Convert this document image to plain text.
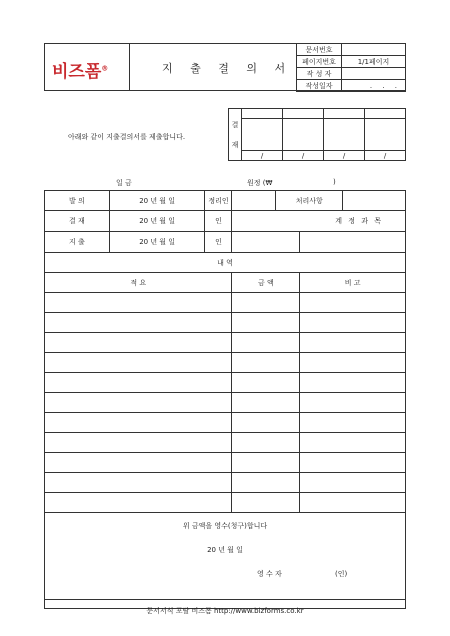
비즈폼®	지 출 결 의 서
문서번호	
페이지번호	1/1페이지
작 성 자	
작성일자	. . .
아래와 같이 지출결의서를 제출합니다.
결
재				

	/	/	/	/
일 금	원정 (₩	)
발 의	20 년 월 일	정리인		처리사항		
결 재	20 년 월 일	인	계 정 과 목			
지 출	20 년 월 일	인				
내 역						
적 요			금 액		비 고	

위 금액을 영수(청구)합니다
20 년 월 일
영 수 자 (인)						
문서서식 포탈 비즈폼 http://www.bizforms.co.kr
